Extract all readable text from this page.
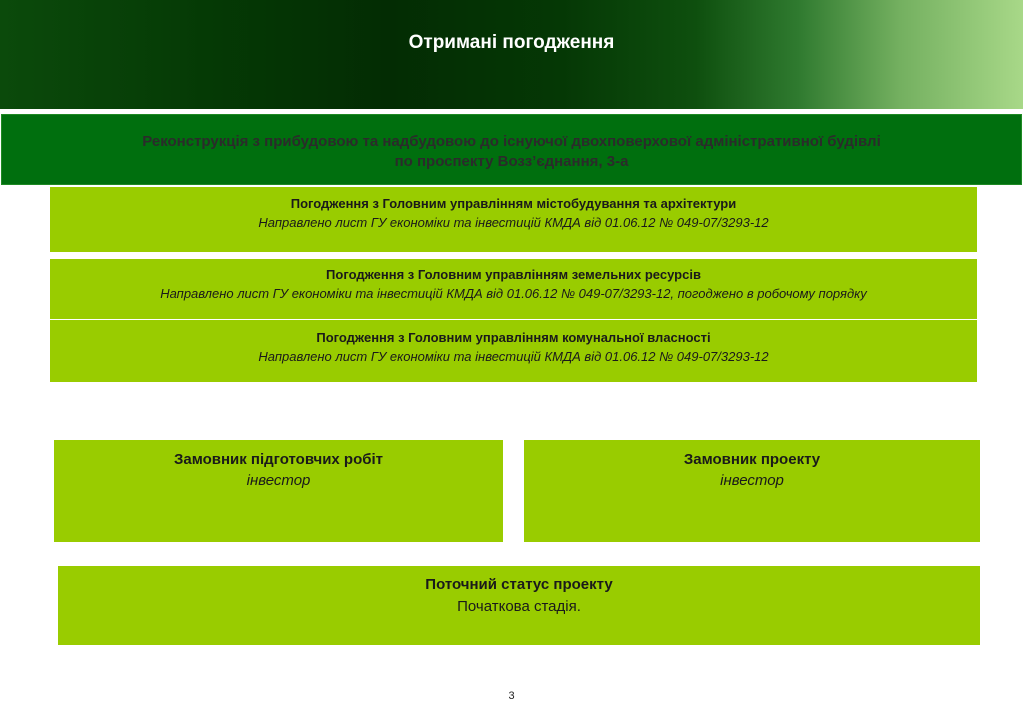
Отримані погодження
Реконструкція з прибудовою та надбудовою до існуючої двохповерхової адміністративної будівлі
по проспекту Возз’єднання, 3-а
Погодження з Головним управлінням містобудування та архітектури
Направлено лист ГУ економіки та інвестицій КМДА від 01.06.12 № 049-07/3293-12
Погодження з Головним управлінням земельних ресурсів
Направлено лист ГУ економіки та інвестицій КМДА від 01.06.12 № 049-07/3293-12, погоджено в робочому порядку
Погодження з Головним управлінням комунальної власності
Направлено лист ГУ економіки та інвестицій КМДА від 01.06.12 № 049-07/3293-12
Замовник підготовчих робіт
інвестор
Замовник проекту
інвестор
Поточний статус проекту
Початкова стадія.
3
